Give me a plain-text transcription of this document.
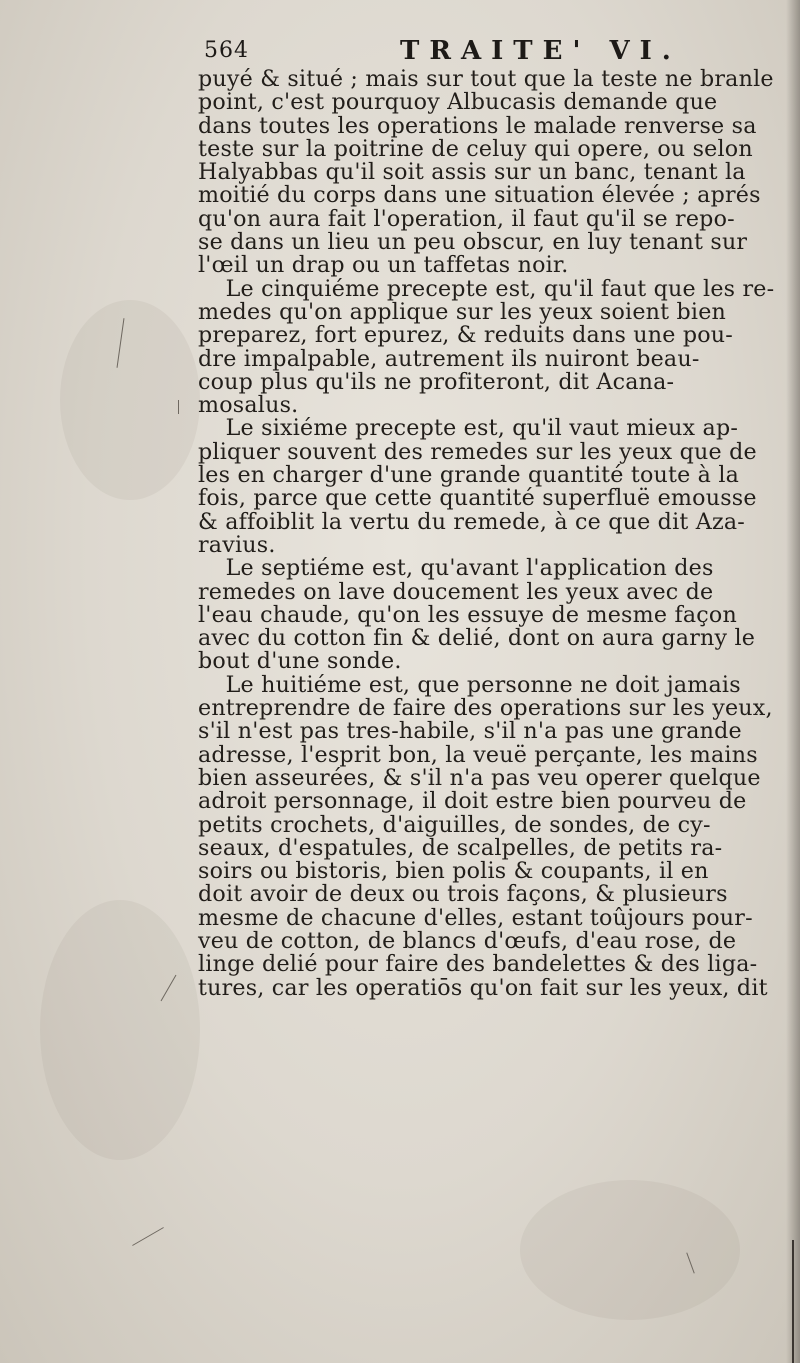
564	TRAITE' VI.
puyé & situé ; mais sur tout que la teste ne branle
point, c'est pourquoy Albucasis demande que
dans toutes les operations le malade renverse sa
teste sur la poitrine de celuy qui opere, ou selon
Halyabbas qu'il soit assis sur un banc, tenant la
moitié du corps dans une situation élevée ; aprés
qu'on aura fait l'operation, il faut qu'il se repo-
se dans un lieu un peu obscur, en luy tenant sur
l'œil un drap ou un taffetas noir.
Le cinquiéme precepte est, qu'il faut que les re-
medes qu'on applique sur les yeux soient bien
preparez, fort epurez, & reduits dans une pou-
dre impalpable, autrement ils nuiront beau-
coup plus qu'ils ne profiteront, dit Acana-
mosalus.
Le sixiéme precepte est, qu'il vaut mieux ap-
pliquer souvent des remedes sur les yeux que de
les en charger d'une grande quantité toute à la
fois, parce que cette quantité superfluë emousse
& affoiblit la vertu du remede, à ce que dit Aza-
ravius.
Le septiéme est, qu'avant l'application des
remedes on lave doucement les yeux avec de
l'eau chaude, qu'on les essuye de mesme façon
avec du cotton fin & delié, dont on aura garny le
bout d'une sonde.
Le huitiéme est, que personne ne doit jamais
entreprendre de faire des operations sur les yeux,
s'il n'est pas tres-habile, s'il n'a pas une grande
adresse, l'esprit bon, la veuë perçante, les mains
bien asseurées, & s'il n'a pas veu operer quelque
adroit personnage, il doit estre bien pourveu de
petits crochets, d'aiguilles, de sondes, de cy-
seaux, d'espatules, de scalpelles, de petits ra-
soirs ou bistoris, bien polis & coupants, il en
doit avoir de deux ou trois façons, & plusieurs
mesme de chacune d'elles, estant toûjours pour-
veu de cotton, de blancs d'œufs, d'eau rose, de
linge delié pour faire des bandelettes & des liga-
tures, car les operatiōs qu'on fait sur les yeux, dit
